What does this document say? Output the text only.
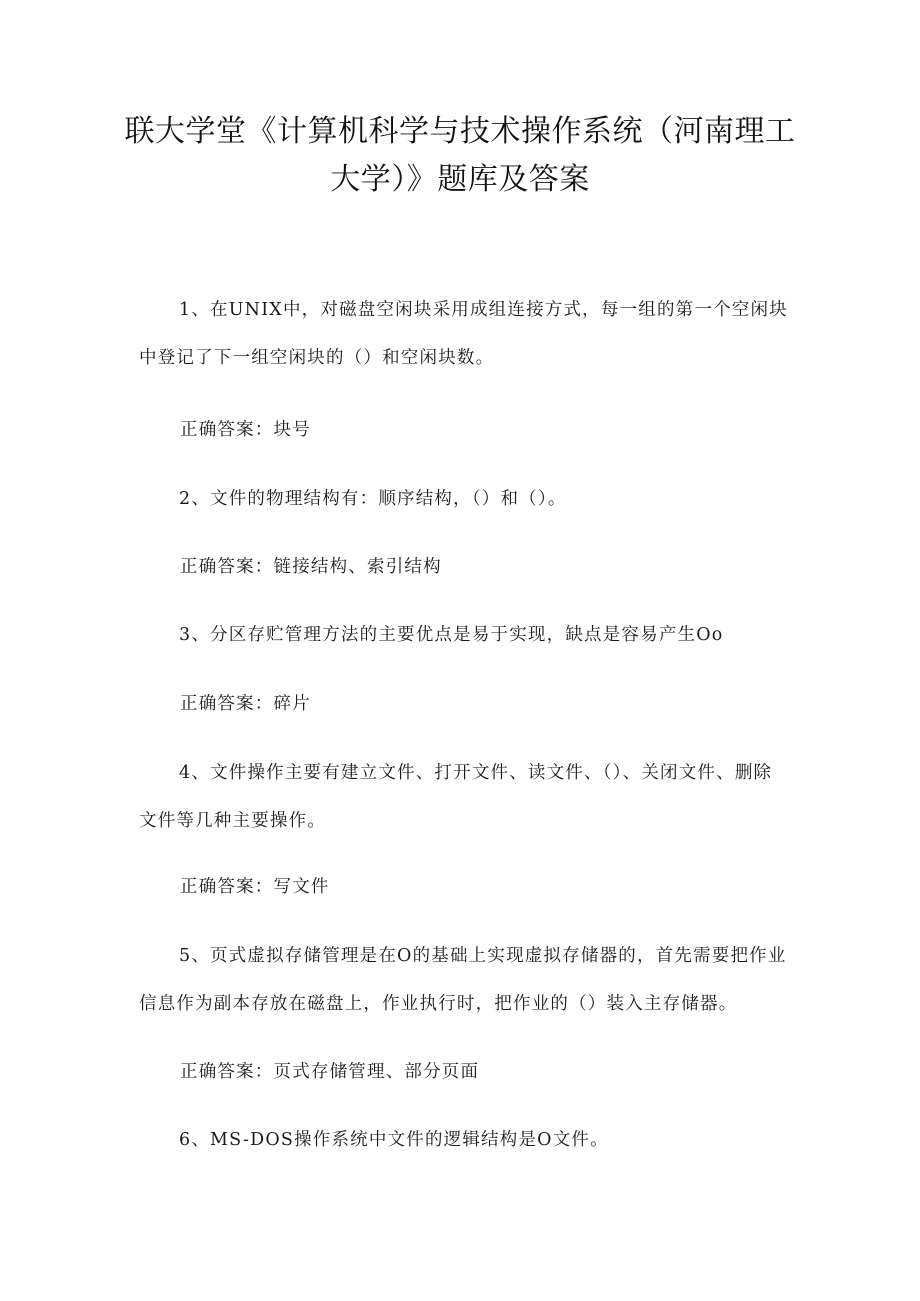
联大学堂《计算机科学与技术操作系统（河南理工大学）》题库及答案

1、在UNIX中，对磁盘空闲块采用成组连接方式，每一组的第一个空闲块中登记了下一组空闲块的（）和空闲块数。

正确答案：块号

2、文件的物理结构有：顺序结构，（）和（）。

正确答案：链接结构、索引结构

3、分区存贮管理方法的主要优点是易于实现，缺点是容易产生Oo

正确答案：碎片

4、文件操作主要有建立文件、打开文件、读文件、（）、关闭文件、删除文件等几种主要操作。

正确答案：写文件

5、页式虚拟存储管理是在O的基础上实现虚拟存储器的，首先需要把作业信息作为副本存放在磁盘上，作业执行时，把作业的（）装入主存储器。

正确答案：页式存储管理、部分页面

6、MS-DOS操作系统中文件的逻辑结构是O文件。
